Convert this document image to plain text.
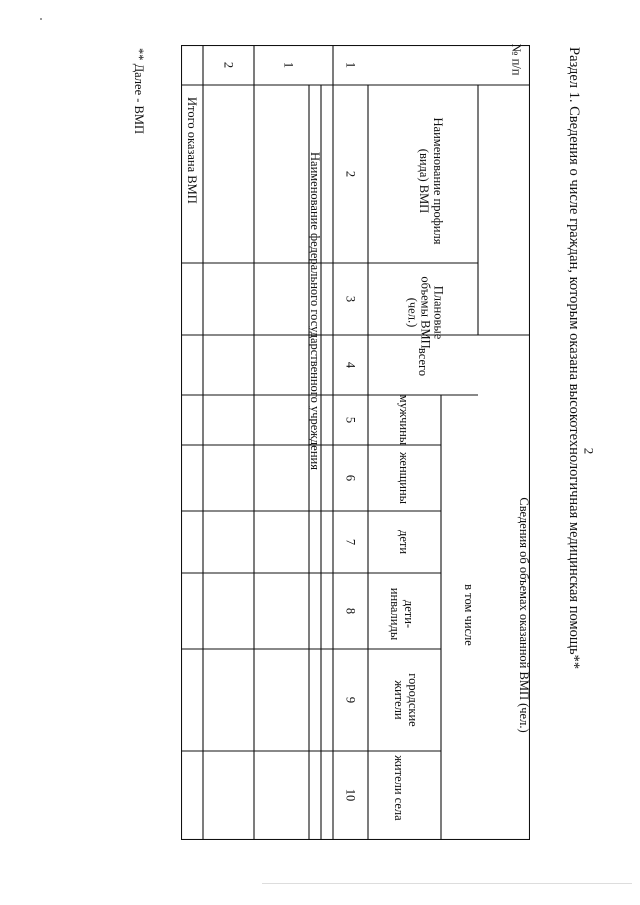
2
Раздел 1. Сведения о числе граждан, которым оказана высокотехнологичная медицинская помощь**
№ п/п
Наименование профиля (вида) ВМП
Плановые объемы ВМП (чел.)
всего
Сведения об объемах оказанной ВМП (чел.)
в том числе
мужчины
женщины
дети
дети-инвалиды
городские жители
жители села
1
2
3
4
5
6
7
8
9
10
Наименование федерального государственного учреждения
1
2
Итого оказана ВМП
** Далее - ВМП
